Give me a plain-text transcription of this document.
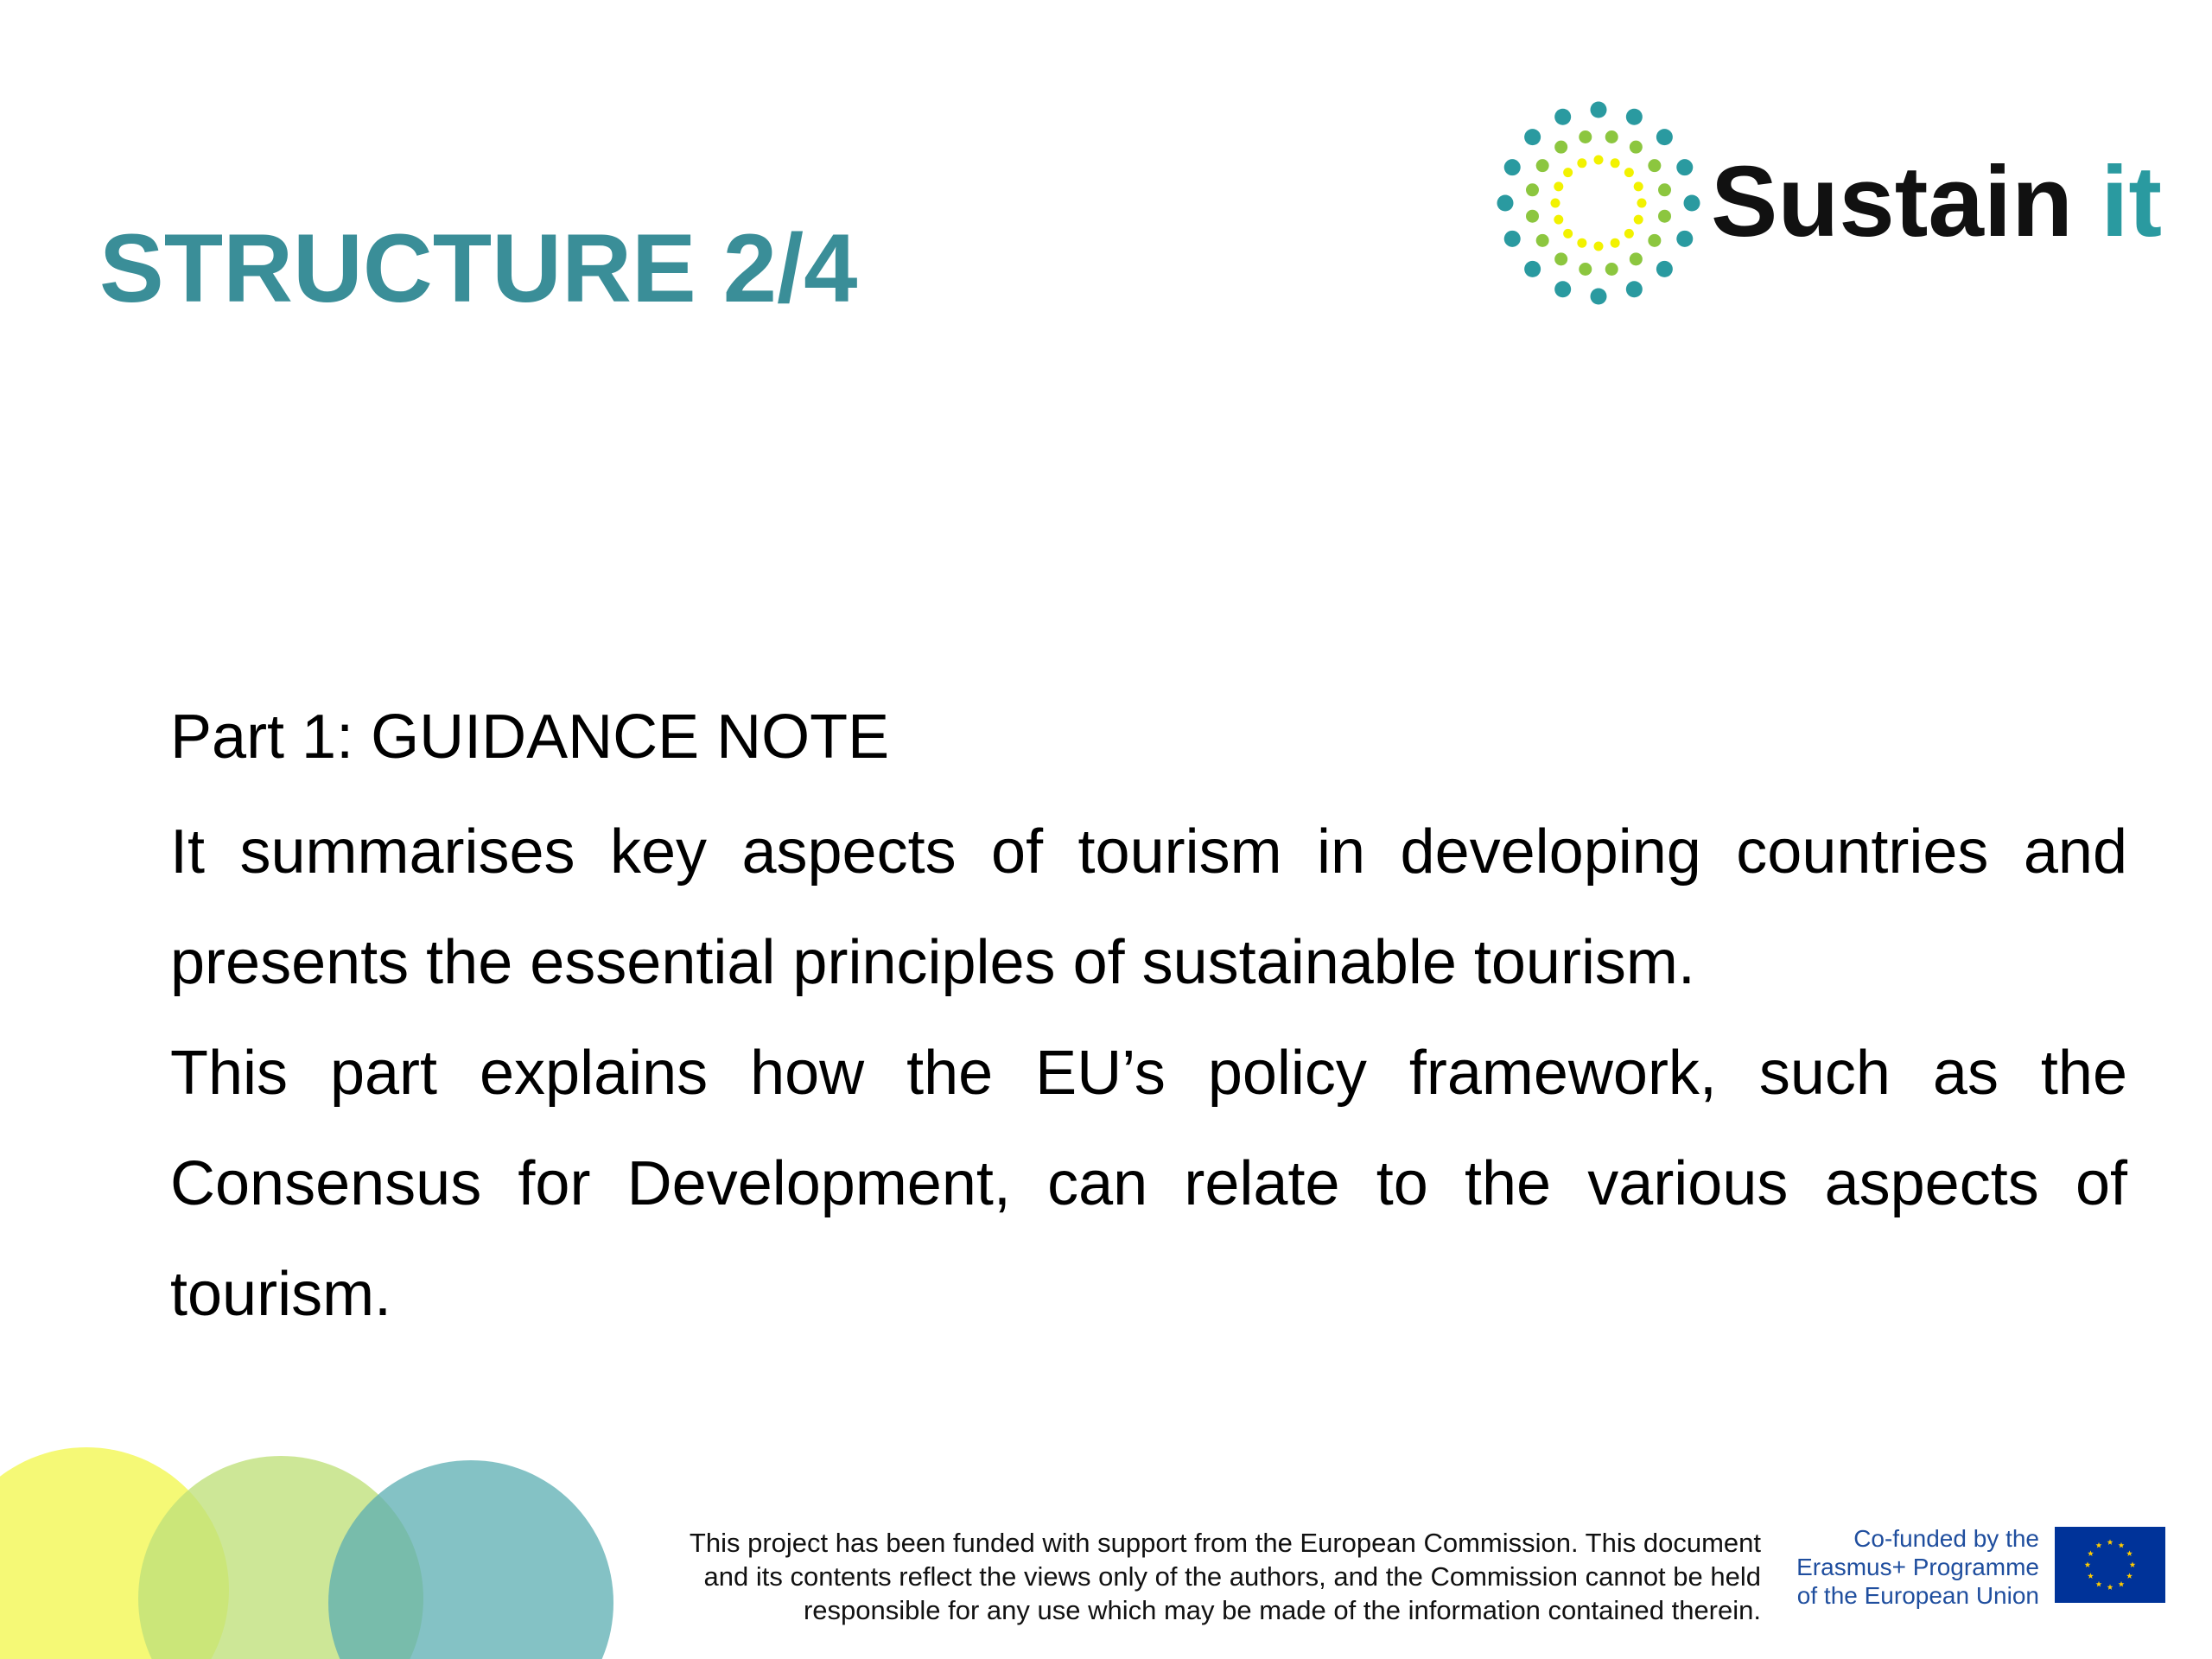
STRUCTURE 2/4
Sustain it

Part 1: GUIDANCE NOTE

It summarises key aspects of tourism in developing countries and presents the essential principles of sustainable tourism.

This part explains how the EU’s policy framework, such as the Consensus for Development, can relate to the various aspects of tourism.

This project has been funded with support from the European Commission. This document
and its contents reflect the views only of the authors, and the Commission cannot be held
responsible for any use which may be made of the information contained therein.
Co-funded by the
Erasmus+ Programme
of the European Union
